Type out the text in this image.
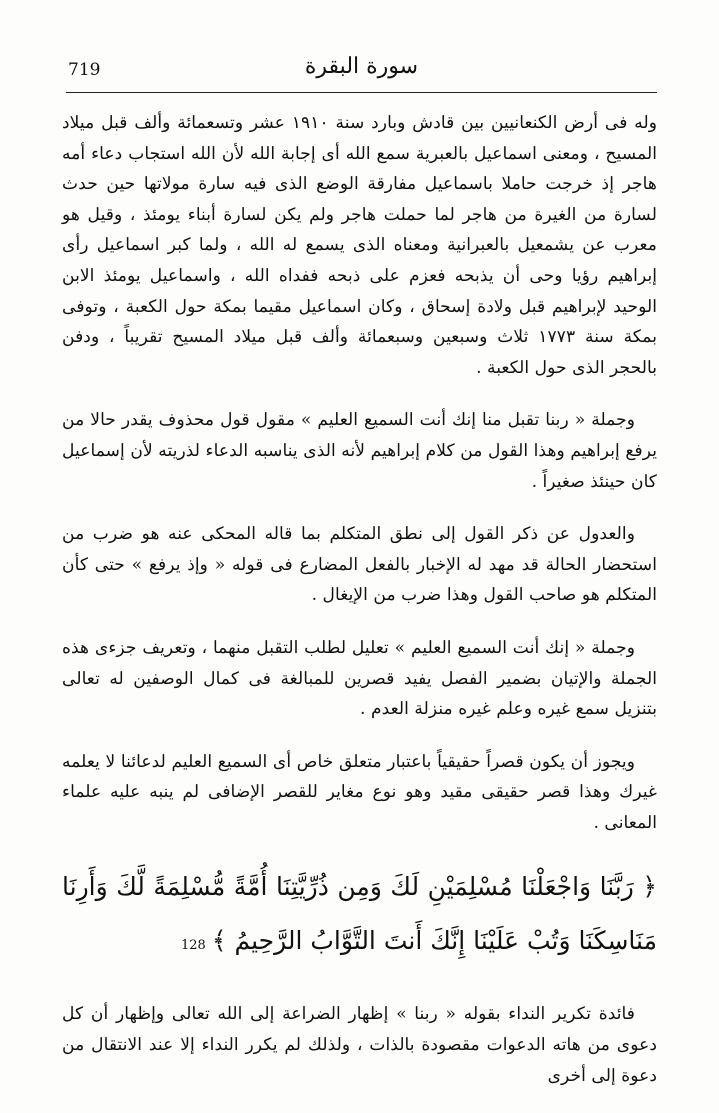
719	سورة البقرة

وله فى أرض الكنعانيين بين قادش وبارد سنة ١٩١٠ عشر وتسعمائة وألف قبل ميلاد المسيح ، ومعنى اسماعيل بالعبرية سمع الله أى إجابة الله لأن الله استجاب دعاء أمه هاجر إذ خرجت حاملا باسماعيل مفارقة الوضع الذى فيه سارة مولاتها حين حدث لسارة من الغيرة من هاجر لما حملت هاجر ولم يكن لسارة أبناء يومئذ ، وقيل هو معرب عن يشمعيل بالعبرانية ومعناه الذى يسمع له الله ، ولما كبر اسماعيل رأى إبراهيم رؤيا وحى أن يذبحه فعزم على ذبحه ففداه الله ، واسماعيل يومئذ الابن الوحيد لإبراهيم قبل ولادة إسحاق ، وكان اسماعيل مقيما بمكة حول الكعبة ، وتوفى بمكة سنة ١٧٧٣ ثلاث وسبعين وسبعمائة وألف قبل ميلاد المسيح تقريباً ، ودفن بالحجر الذى حول الكعبة .

وجملة « ربنا تقبل منا إنك أنت السميع العليم » مقول قول محذوف يقدر حالا من يرفع إبراهيم وهذا القول من كلام إبراهيم لأنه الذى يناسبه الدعاء لذريته لأن إسماعيل كان حينئذ صغيراً .

والعدول عن ذكر القول إلى نطق المتكلم بما قاله المحكى عنه هو ضرب من استحضار الحالة قد مهد له الإخبار بالفعل المضارع فى قوله « وإذ يرفع » حتى كأن المتكلم هو صاحب القول وهذا ضرب من الإيغال .

وجملة « إنك أنت السميع العليم » تعليل لطلب التقبل منهما ، وتعريف جزءى هذه الجملة والإتيان بضمير الفصل يفيد قصرين للمبالغة فى كمال الوصفين له تعالى بتنزيل سمع غيره وعلم غيره منزلة العدم .

ويجوز أن يكون قصراً حقيقياً باعتبار متعلق خاص أى السميع العليم لدعائنا لا يعلمه غيرك وهذا قصر حقيقى مقيد وهو نوع مغاير للقصر الإضافى لم ينبه عليه علماء المعانى .

﴿ رَبَّنَا وَاجْعَلْنَا مُسْلِمَيْنِ لَكَ وَمِن ذُرِّيَّتِنَا أُمَّةً مُّسْلِمَةً لَّكَ وَأَرِنَا مَنَاسِكَنَا وَتُبْ عَلَيْنَا إِنَّكَ أَنتَ التَّوَّابُ الرَّحِيمُ ﴾128

فائدة تكرير النداء بقوله « ربنا » إظهار الضراعة إلى الله تعالى وإظهار أن كل دعوى من هاته الدعوات مقصودة بالذات ، ولذلك لم يكرر النداء إلا عند الانتقال من دعوة إلى أخرى
